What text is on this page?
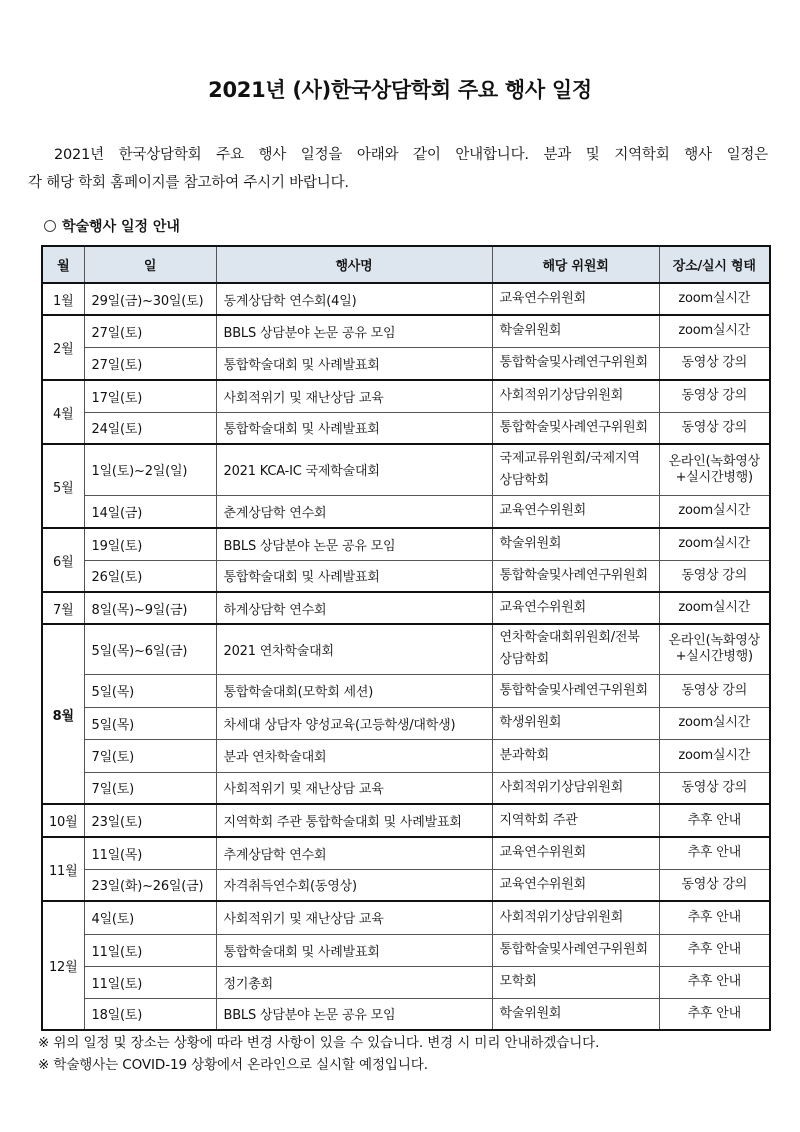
2021년 (사)한국상담학회 주요 행사 일정
2021년 한국상담학회 주요 행사 일정을 아래와 같이 안내합니다. 분과 및 지역학회 행사 일정은
각 해당 학회 홈페이지를 참고하여 주시기 바랍니다.
학술행사 일정 안내
월	일	행사명	해당 위원회	장소/실시 형태
1월	29일(금)~30일(토)	동계상담학 연수회(4일)	교육연수위원회	zoom실시간
2월	27일(토)	BBLS 상담분야 논문 공유 모임	학술위원회	zoom실시간
	27일(토)	통합학술대회 및 사례발표회	통합학술및사례연구위원회	동영상 강의
4월	17일(토)	사회적위기 및 재난상담 교육	사회적위기상담위원회	동영상 강의
	24일(토)	통합학술대회 및 사례발표회	통합학술및사례연구위원회	동영상 강의
5월	1일(토)~2일(일)	2021 KCA-IC 국제학술대회	국제교류위원회/국제지역상담학회	온라인(녹화영상+실시간병행)
	14일(금)	춘계상담학 연수회	교육연수위원회	zoom실시간
6월	19일(토)	BBLS 상담분야 논문 공유 모임	학술위원회	zoom실시간
	26일(토)	통합학술대회 및 사례발표회	통합학술및사례연구위원회	동영상 강의
7월	8일(목)~9일(금)	하계상담학 연수회	교육연수위원회	zoom실시간
8월	5일(목)~6일(금)	2021 연차학술대회	연차학술대회위원회/전북상담학회	온라인(녹화영상+실시간병행)
	5일(목)	통합학술대회(모학회 세션)	통합학술및사례연구위원회	동영상 강의
	5일(목)	차세대 상담자 양성교육(고등학생/대학생)	학생위원회	zoom실시간
	7일(토)	분과 연차학술대회	분과학회	zoom실시간
	7일(토)	사회적위기 및 재난상담 교육	사회적위기상담위원회	동영상 강의
10월	23일(토)	지역학회 주관 통합학술대회 및 사례발표회	지역학회 주관	추후 안내
11월	11일(목)	추계상담학 연수회	교육연수위원회	추후 안내
	23일(화)~26일(금)	자격취득연수회(동영상)	교육연수위원회	동영상 강의
12월	4일(토)	사회적위기 및 재난상담 교육	사회적위기상담위원회	추후 안내
	11일(토)	통합학술대회 및 사례발표회	통합학술및사례연구위원회	추후 안내
	11일(토)	정기총회	모학회	추후 안내
	18일(토)	BBLS 상담분야 논문 공유 모임	학술위원회	추후 안내
※ 위의 일정 및 장소는 상황에 따라 변경 사항이 있을 수 있습니다. 변경 시 미리 안내하겠습니다.
※ 학술행사는 COVID-19 상황에서 온라인으로 실시할 예정입니다.
